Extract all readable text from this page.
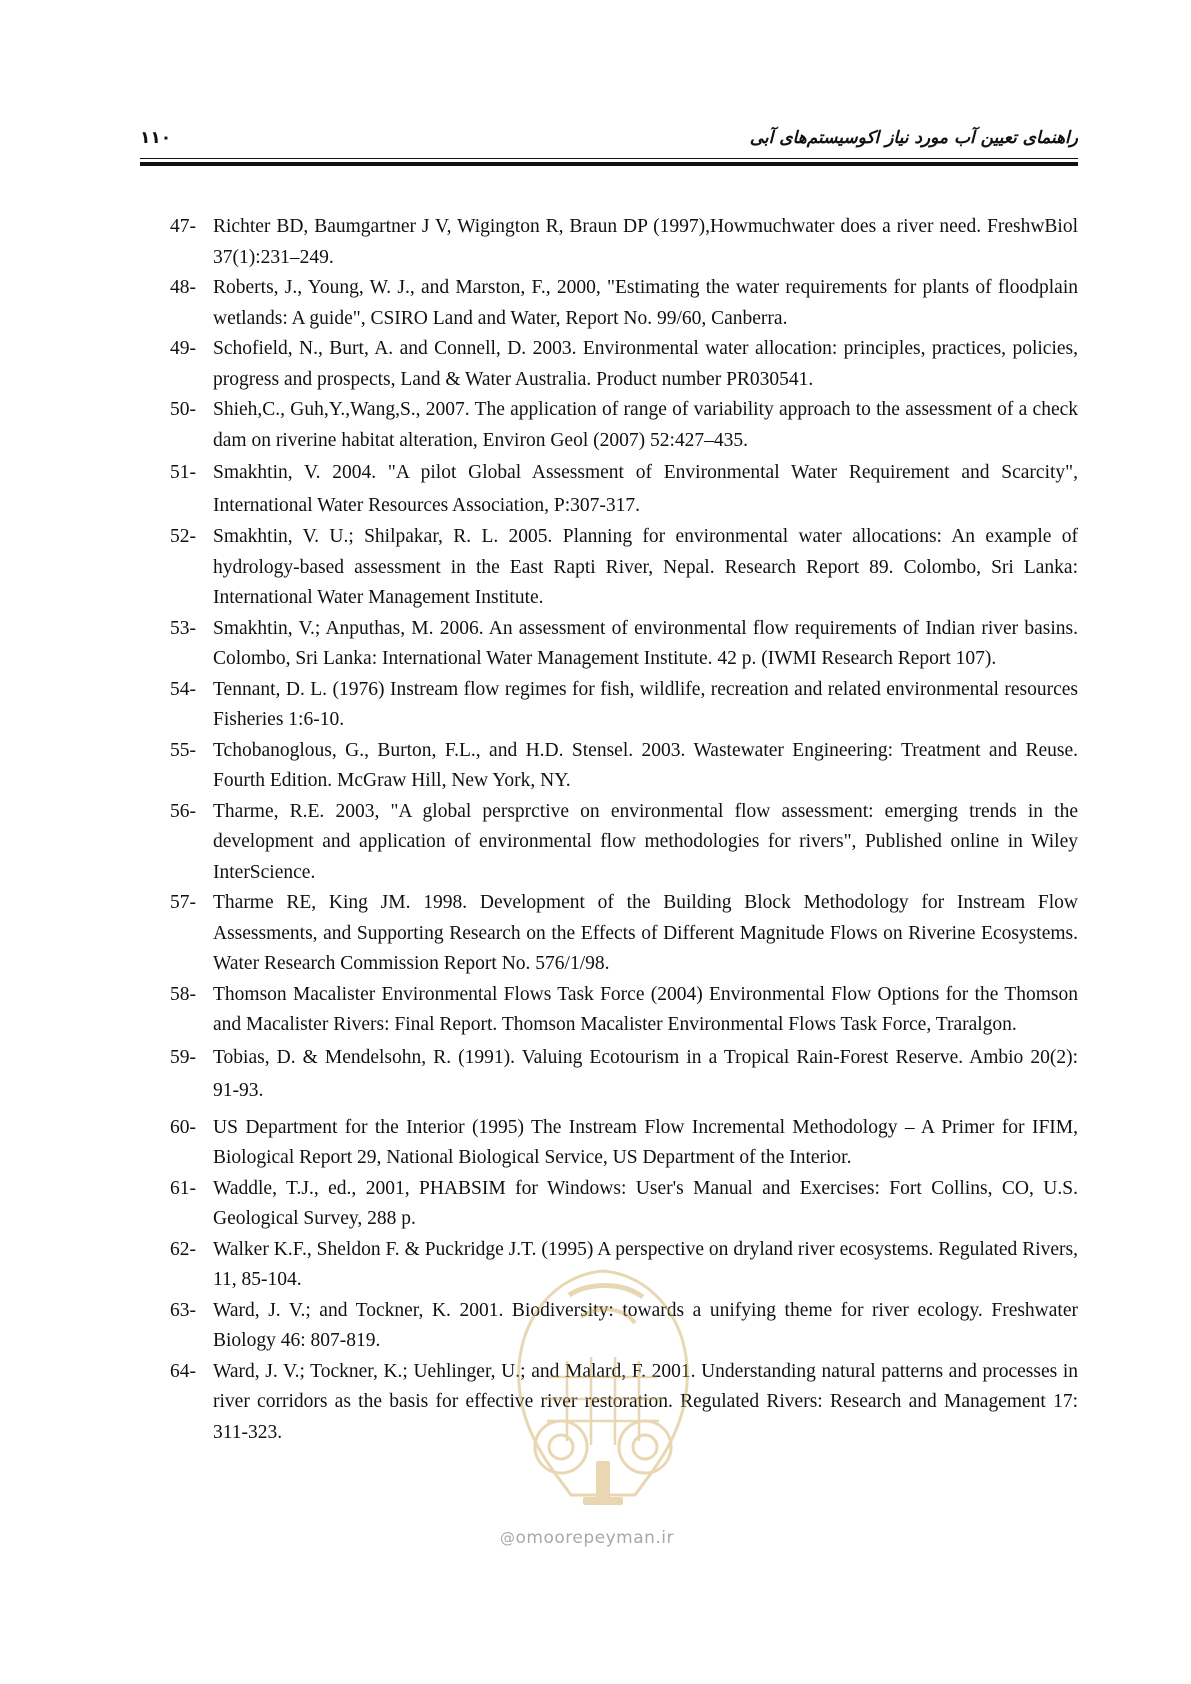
راهنمای تعیین آب مورد نیاز اکوسیستم‌های آبی
۱۱۰
47- Richter BD, Baumgartner J V, Wigington R, Braun DP (1997),Howmuchwater does a river need. FreshwBiol 37(1):231–249.
48- Roberts, J., Young, W. J., and Marston, F., 2000, "Estimating the water requirements for plants of floodplain wetlands: A guide", CSIRO Land and Water, Report No. 99/60, Canberra.
49- Schofield, N., Burt, A. and Connell, D. 2003. Environmental water allocation: principles, practices, policies, progress and prospects, Land & Water Australia. Product number PR030541.
50- Shieh,C., Guh,Y.,Wang,S., 2007. The application of range of variability approach to the assessment of a check dam on riverine habitat alteration, Environ Geol (2007) 52:427–435.
51- Smakhtin, V. 2004. "A pilot Global Assessment of Environmental Water Requirement and Scarcity", International Water Resources Association, P:307-317.
52- Smakhtin, V. U.; Shilpakar, R. L. 2005. Planning for environmental water allocations: An example of hydrology-based assessment in the East Rapti River, Nepal. Research Report 89. Colombo, Sri Lanka: International Water Management Institute.
53- Smakhtin, V.; Anputhas, M. 2006. An assessment of environmental flow requirements of Indian river basins. Colombo, Sri Lanka: International Water Management Institute. 42 p. (IWMI Research Report 107).
54- Tennant, D. L. (1976) Instream flow regimes for fish, wildlife, recreation and related environmental resources Fisheries 1:6-10.
55- Tchobanoglous, G., Burton, F.L., and H.D. Stensel. 2003. Wastewater Engineering: Treatment and Reuse. Fourth Edition. McGraw Hill, New York, NY.
56- Tharme, R.E. 2003, "A global persprctive on environmental flow assessment: emerging trends in the development and application of environmental flow methodologies for rivers", Published online in Wiley InterScience.
57- Tharme RE, King JM. 1998. Development of the Building Block Methodology for Instream Flow Assessments, and Supporting Research on the Effects of Different Magnitude Flows on Riverine Ecosystems. Water Research Commission Report No. 576/1/98.
58- Thomson Macalister Environmental Flows Task Force (2004) Environmental Flow Options for the Thomson and Macalister Rivers: Final Report. Thomson Macalister Environmental Flows Task Force, Traralgon.
59- Tobias, D. & Mendelsohn, R. (1991). Valuing Ecotourism in a Tropical Rain-Forest Reserve. Ambio 20(2): 91-93.
60- US Department for the Interior (1995) The Instream Flow Incremental Methodology – A Primer for IFIM, Biological Report 29, National Biological Service, US Department of the Interior.
61- Waddle, T.J., ed., 2001, PHABSIM for Windows: User's Manual and Exercises: Fort Collins, CO, U.S. Geological Survey, 288 p.
62- Walker K.F., Sheldon F. & Puckridge J.T. (1995) A perspective on dryland river ecosystems. Regulated Rivers, 11, 85-104.
63- Ward, J. V.; and Tockner, K. 2001. Biodiversity: towards a unifying theme for river ecology. Freshwater Biology 46: 807-819.
64- Ward, J. V.; Tockner, K.; Uehlinger, U.; and Malard, F. 2001. Understanding natural patterns and processes in river corridors as the basis for effective river restoration. Regulated Rivers: Research and Management 17: 311-323.
@omoorepeyman.ir
